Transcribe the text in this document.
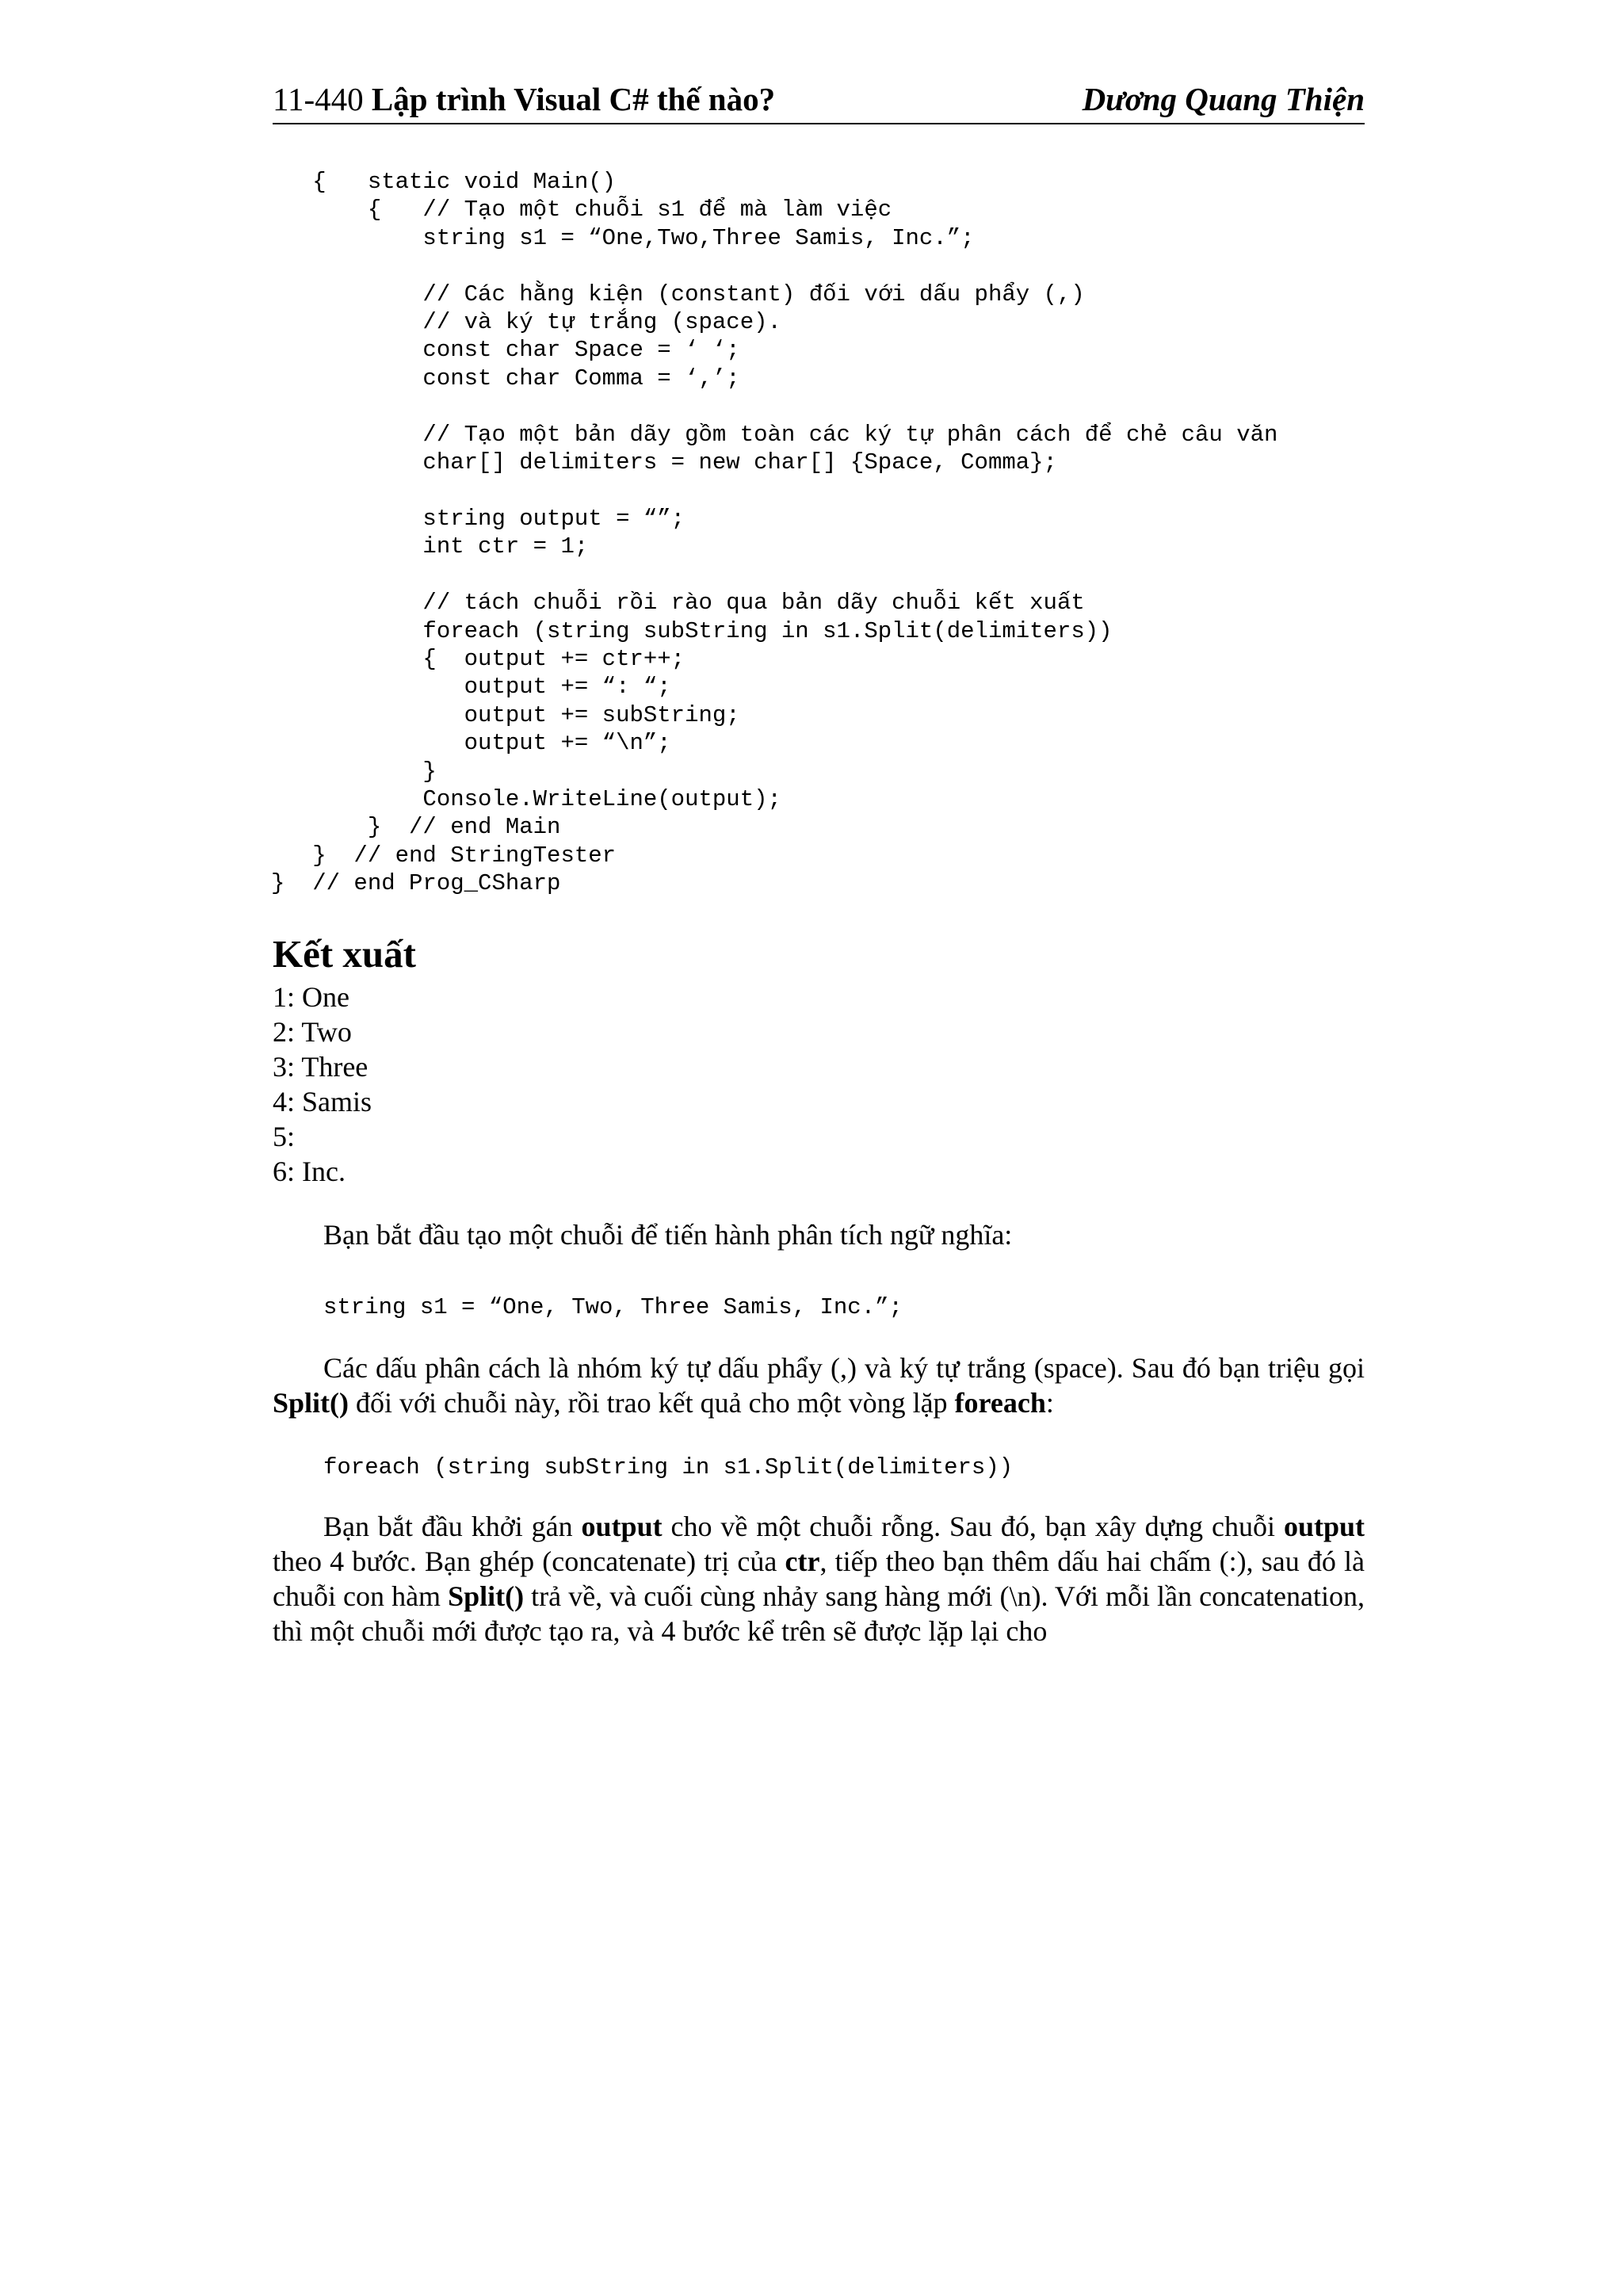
11-440 Lập trình Visual C# thế nào?	Dương Quang Thiện
{   static void Main()
{   // Tạo một chuỗi s1 để mà làm việc
string s1 = “One,Two,Three Samis, Inc.”;

// Các hằng kiện (constant) đối với dấu phẩy (,)
// và ký tự trắng (space).
const char Space = ‘ ‘;
const char Comma = ‘,’;

// Tạo một bản dãy gồm toàn các ký tự phân cách để chẻ câu văn
char[] delimiters = new char[] {Space, Comma};

string output = “”;
int ctr = 1;

// tách chuỗi rồi rào qua bản dãy chuỗi kết xuất
foreach (string subString in s1.Split(delimiters))
{  output += ctr++;
output += “: “;
output += subString;
output += “\n”;
}
Console.WriteLine(output);
}  // end Main
}  // end StringTester
}  // end Prog_CSharp
Kết xuất
1: One
2: Two
3: Three
4: Samis
5:
6: Inc.

Bạn bắt đầu tạo một chuỗi để tiến hành phân tích ngữ nghĩa:

string s1 = “One, Two, Three Samis, Inc.”;

Các dấu phân cách là nhóm ký tự dấu phẩy (,) và ký tự trắng (space). Sau đó bạn triệu gọi Split() đối với chuỗi này, rồi trao kết quả cho một vòng lặp foreach:

foreach (string subString in s1.Split(delimiters))

Bạn bắt đầu khởi gán output cho về một chuỗi rỗng. Sau đó, bạn xây dựng chuỗi output theo 4 bước. Bạn ghép (concatenate) trị của ctr, tiếp theo bạn thêm dấu hai chấm (:), sau đó là chuỗi con hàm Split() trả về, và cuối cùng nhảy sang hàng mới (\n). Với mỗi lần concatenation, thì một chuỗi mới được tạo ra, và 4 bước kể trên sẽ được lặp lại cho
